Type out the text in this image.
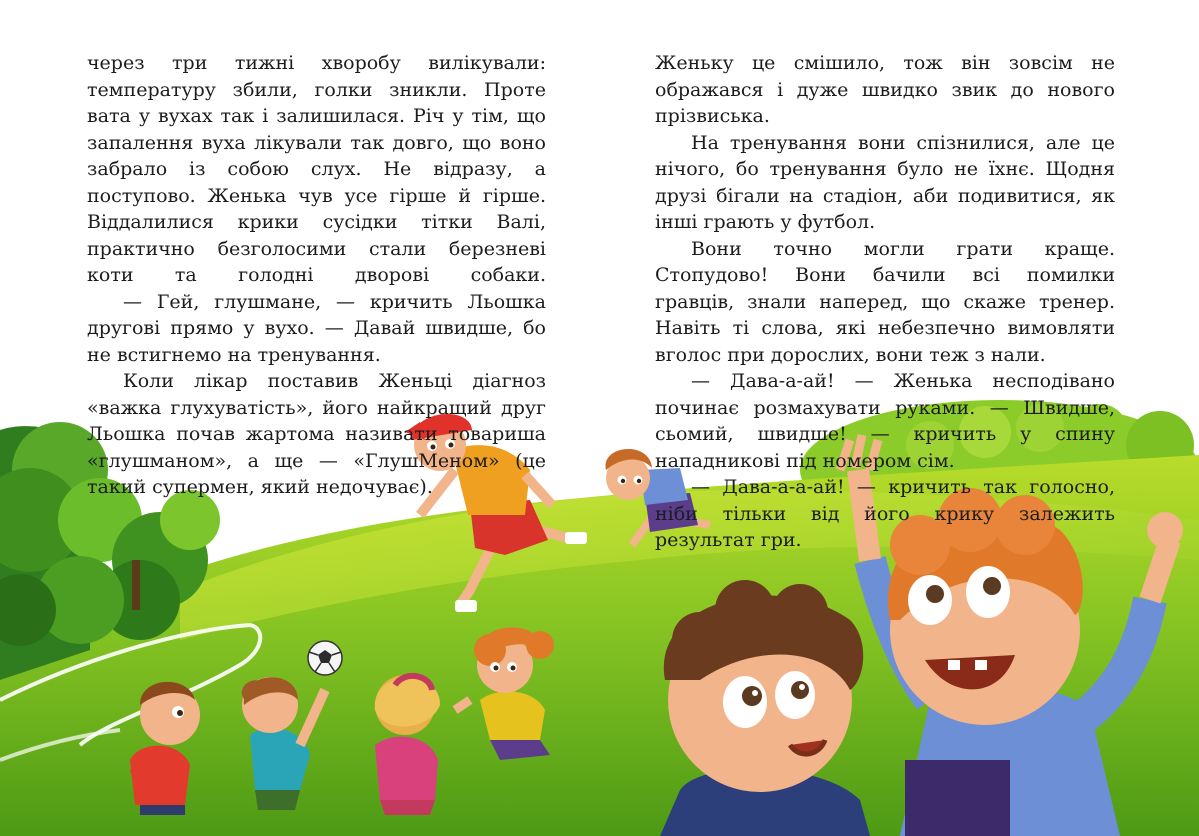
через три тижні хворобу вилікували: температуру збили, голки зникли. Проте вата у вухах так і залишилася. Річ у тім, що запалення вуха лікували так довго, що воно забрало із собою слух. Не відразу, а поступово. Женька чув усе гірше й гірше. Віддалилися крики сусідки тітки Валі, практично безголосими стали березневі коти та голодні дворові собаки.

— Гей, глушмане, — кричить Льошка другові прямо у вухо. — Давай швидше, бо не встигнемо на тренування.

Коли лікар поставив Женьці діагноз «важка глухуватість», його найкращий друг Льошка почав жартома називати товариша «глушманом», а ще — «ГлушМеном» (це такий супермен, який недочуває).

Женьку це смішило, тож він зовсім не ображався і дуже швидко звик до нового прізвиська.

На тренування вони спізнилися, але це нічого, бо тренування було не їхнє. Щодня друзі бігали на стадіон, аби подивитися, як інші грають у футбол.

Вони точно могли грати краще. Стопудово! Вони бачили всі помилки гравців, знали наперед, що скаже тренер. Навіть ті слова, які небезпечно вимовляти вголос при дорослих, вони теж з нали.

— Дава-а-ай! — Женька несподівано починає розмахувати руками. — Швидше, сьомий, швидше! — кричить у спину нападникові під номером сім.

— Дава-а-а-ай! — кричить так голосно, ніби тільки від його крику залежить результат гри.
